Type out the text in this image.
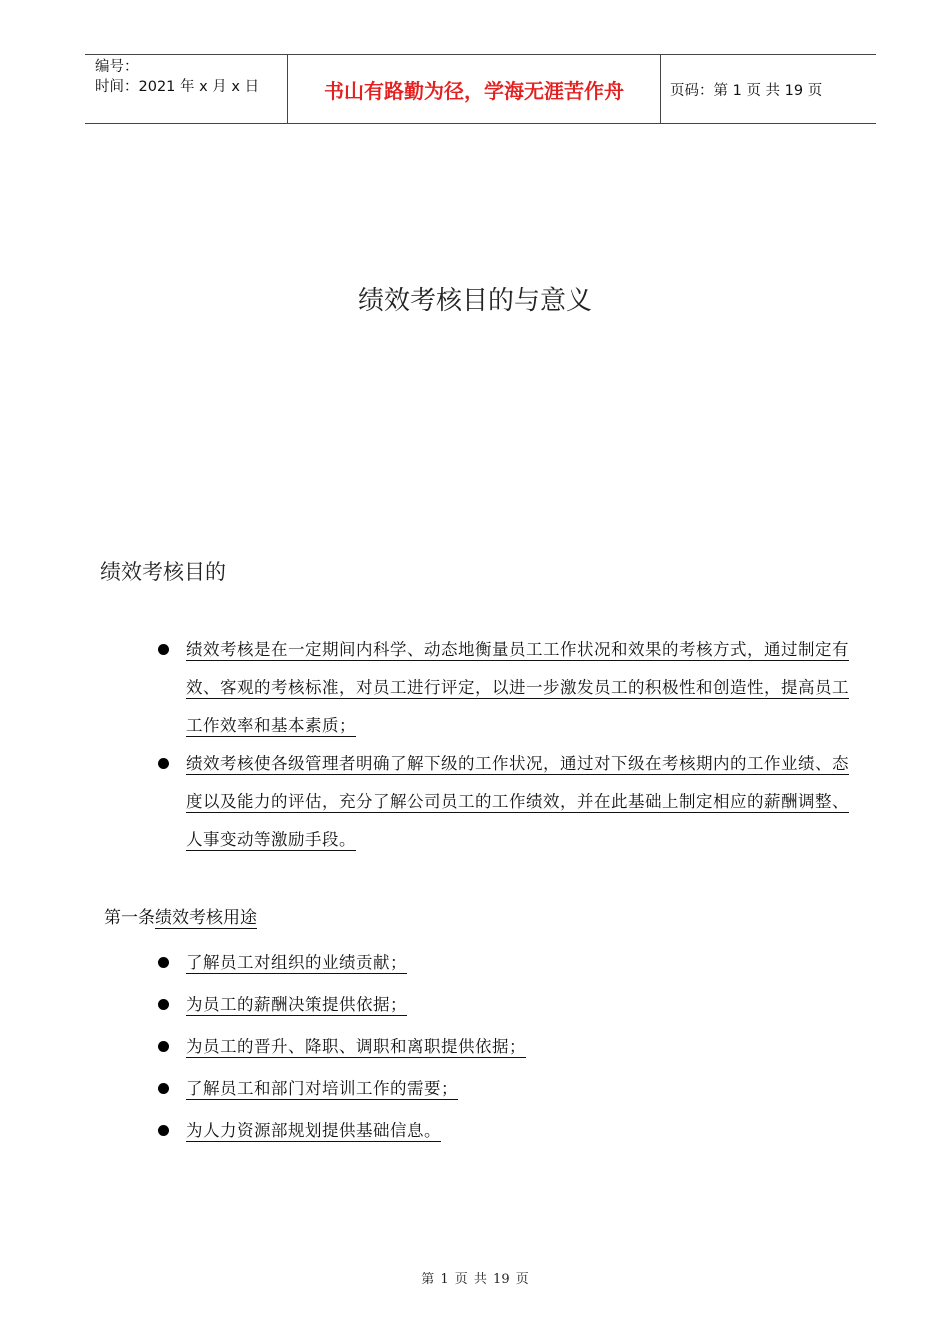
编号：
时间：2021 年 x 月 x 日	书山有路勤为径，学海无涯苦作舟	页码：第 1 页 共 19 页
绩效考核目的与意义
绩效考核目的
绩效考核是在一定期间内科学、动态地衡量员工工作状况和效果的考核方式，通过制定有效、客观的考核标准，对员工进行评定，以进一步激发员工的积极性和创造性，提高员工工作效率和基本素质；
绩效考核使各级管理者明确了解下级的工作状况，通过对下级在考核期内的工作业绩、态度以及能力的评估，充分了解公司员工的工作绩效，并在此基础上制定相应的薪酬调整、人事变动等激励手段。
第一条绩效考核用途
了解员工对组织的业绩贡献；
为员工的薪酬决策提供依据；
为员工的晋升、降职、调职和离职提供依据；
了解员工和部门对培训工作的需要；
为人力资源部规划提供基础信息。
第 1 页 共 19 页
